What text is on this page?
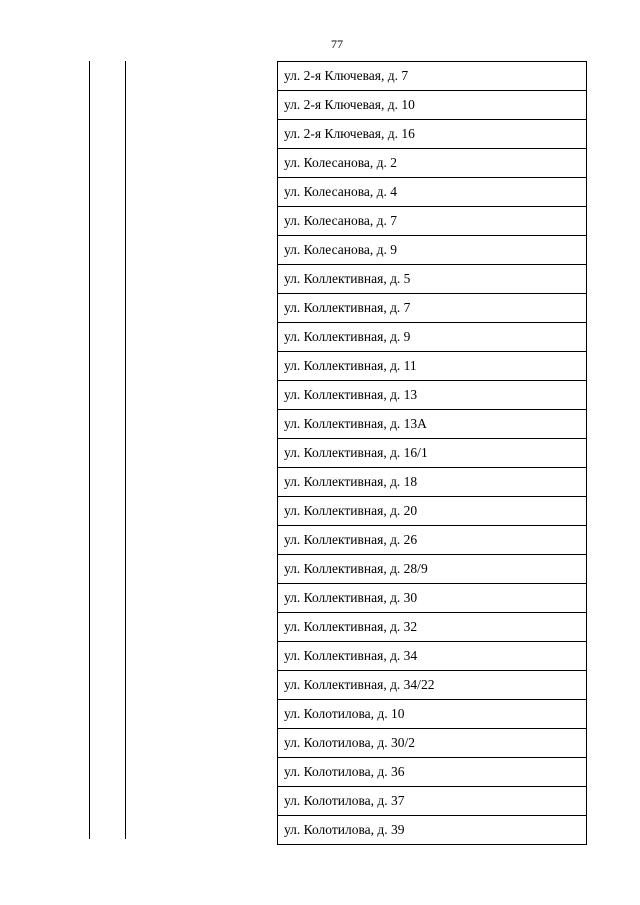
77
ул. 2-я Ключевая, д. 7
ул. 2-я Ключевая, д. 10
ул. 2-я Ключевая, д. 16
ул. Колесанова, д. 2
ул. Колесанова, д. 4
ул. Колесанова, д. 7
ул. Колесанова, д. 9
ул. Коллективная, д. 5
ул. Коллективная, д. 7
ул. Коллективная, д. 9
ул. Коллективная, д. 11
ул. Коллективная, д. 13
ул. Коллективная, д. 13А
ул. Коллективная, д. 16/1
ул. Коллективная, д. 18
ул. Коллективная, д. 20
ул. Коллективная, д. 26
ул. Коллективная, д. 28/9
ул. Коллективная, д. 30
ул. Коллективная, д. 32
ул. Коллективная, д. 34
ул. Коллективная, д. 34/22
ул. Колотилова, д. 10
ул. Колотилова, д. 30/2
ул. Колотилова, д. 36
ул. Колотилова, д. 37
ул. Колотилова, д. 39
